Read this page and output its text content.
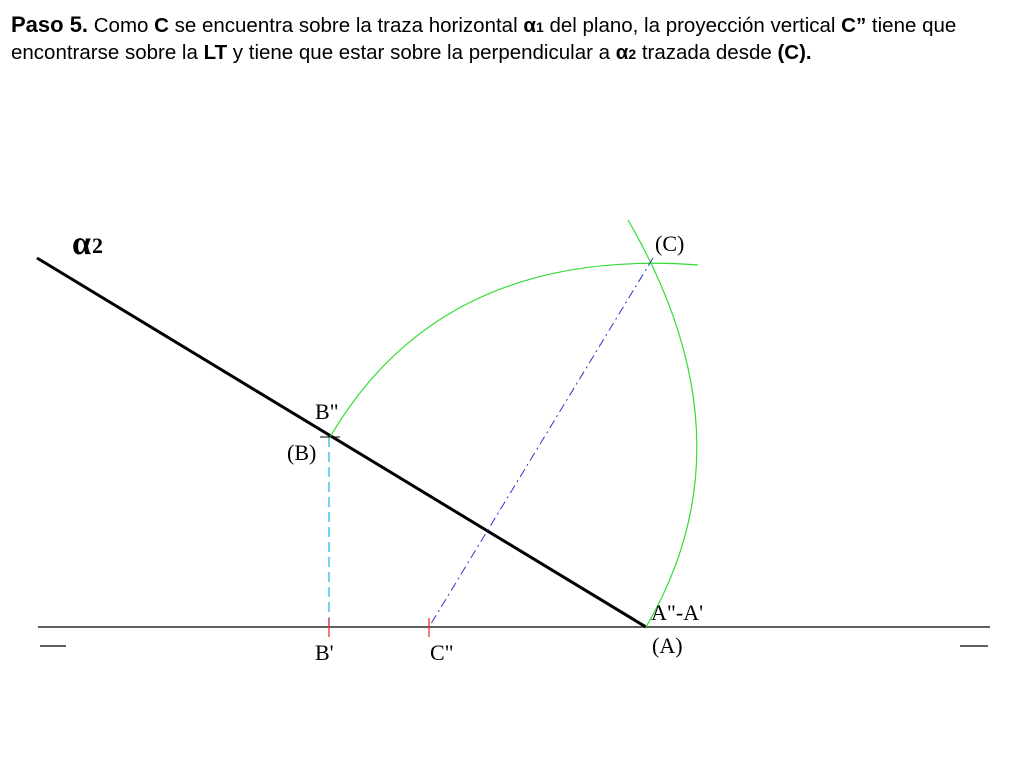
Paso 5. Como C se encuentra sobre la traza horizontal α1 del plano, la proyección vertical C” tiene que encontrarse sobre la LT y tiene que estar sobre la perpendicular a α2 trazada desde (C).
α 2	(C)
B"
(B)
A"-A'
(A)
B'	C"
